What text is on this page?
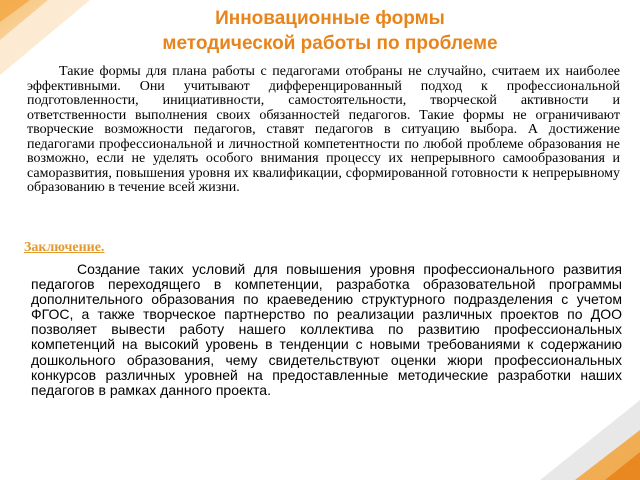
Инновационные формы
методической работы по проблеме

Такие формы для плана работы с педагогами отобраны не случайно, считаем их наиболее эффективными. Они учитывают дифференцированный подход к профессиональной подготовленности, инициативности, самостоятельности, творческой активности и ответственности выполнения своих обязанностей педагогов. Такие формы не ограничивают творческие возможности педагогов, ставят педагогов в ситуацию выбора. А достижение педагогами профессиональной и личностной компетентности по любой проблеме образования не возможно, если не уделять особого внимания процессу их непрерывного самообразования и саморазвития, повышения уровня их квалификации, сформированной готовности к непрерывному образованию в течение всей жизни.

Заключение.

Создание таких условий для повышения уровня профессионального развития педагогов переходящего в компетенции, разработка образовательной программы дополнительного образования по краеведению структурного подразделения с учетом ФГОС, а также творческое партнерство по реализации различных проектов по ДОО позволяет вывести работу нашего коллектива по развитию профессиональных компетенций на высокий уровень в тенденции с новыми требованиями к содержанию дошкольного образования, чему свидетельствуют оценки жюри профессиональных конкурсов различных уровней на предоставленные методические разработки наших педагогов в рамках данного проекта.
